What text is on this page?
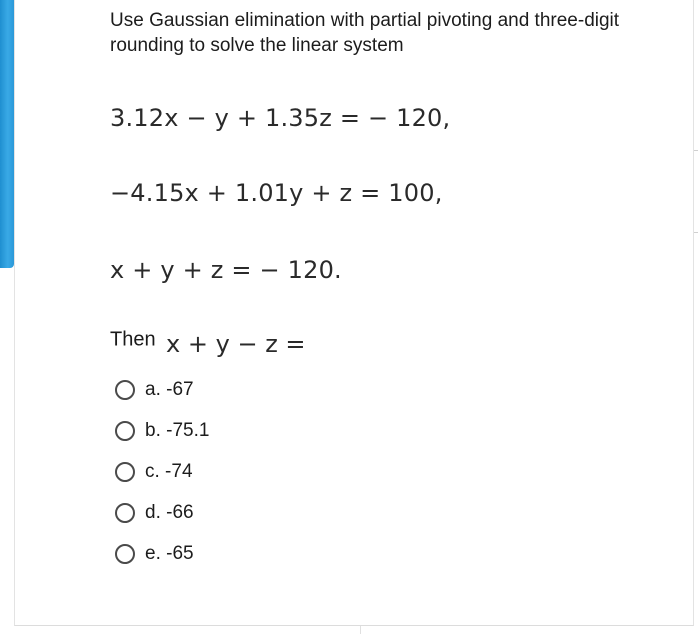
Use Gaussian elimination with partial pivoting and three-digit rounding to solve the linear system
3.12x − y + 1.35z = − 120,
−4.15x + 1.01y + z = 100,
x + y + z = − 120.
Then x + y − z =
a. -67
b. -75.1
c. -74
d. -66
e. -65
